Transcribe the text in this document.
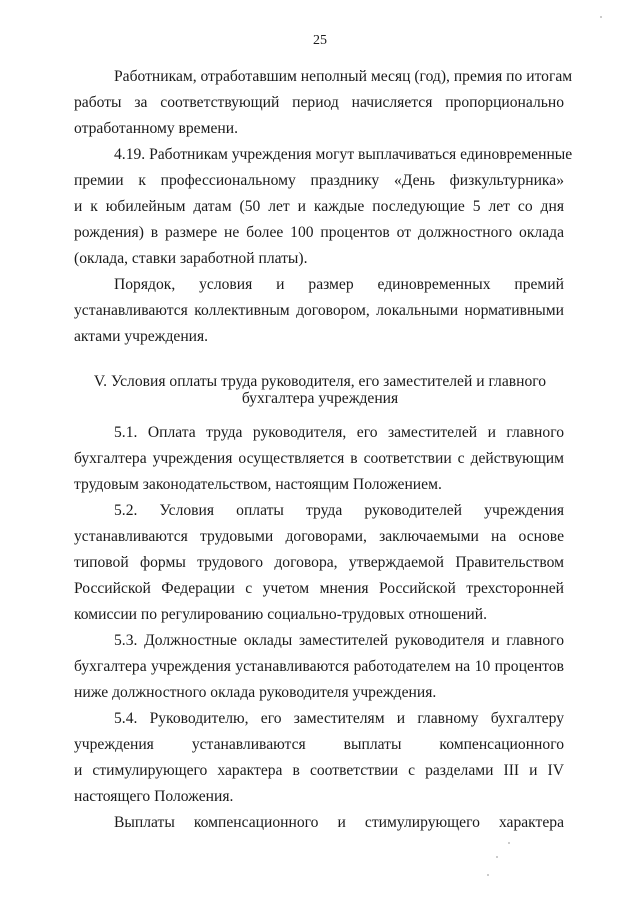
25
Работникам, отработавшим неполный месяц (год), премия по итогам
работы за соответствующий период начисляется пропорционально
отработанному времени.
4.19. Работникам учреждения могут выплачиваться единовременные
премии к профессиональному празднику «День физкультурника»
и к юбилейным датам (50 лет и каждые последующие 5 лет со дня
рождения) в размере не более 100 процентов от должностного оклада
(оклада, ставки заработной платы).
Порядок, условия и размер единовременных премий
устанавливаются коллективным договором, локальными нормативными
актами учреждения.
V. Условия оплаты труда руководителя, его заместителей и главного
бухгалтера учреждения
5.1. Оплата труда руководителя, его заместителей и главного
бухгалтера учреждения осуществляется в соответствии с действующим
трудовым законодательством, настоящим Положением.
5.2. Условия оплаты труда руководителей учреждения
устанавливаются трудовыми договорами, заключаемыми на основе
типовой формы трудового договора, утверждаемой Правительством
Российской Федерации с учетом мнения Российской трехсторонней
комиссии по регулированию социально-трудовых отношений.
5.3. Должностные оклады заместителей руководителя и главного
бухгалтера учреждения устанавливаются работодателем на 10 процентов
ниже должностного оклада руководителя учреждения.
5.4. Руководителю, его заместителям и главному бухгалтеру
учреждения устанавливаются выплаты компенсационного
и стимулирующего характера в соответствии с разделами III и IV
настоящего Положения.
Выплаты компенсационного и стимулирующего характера
